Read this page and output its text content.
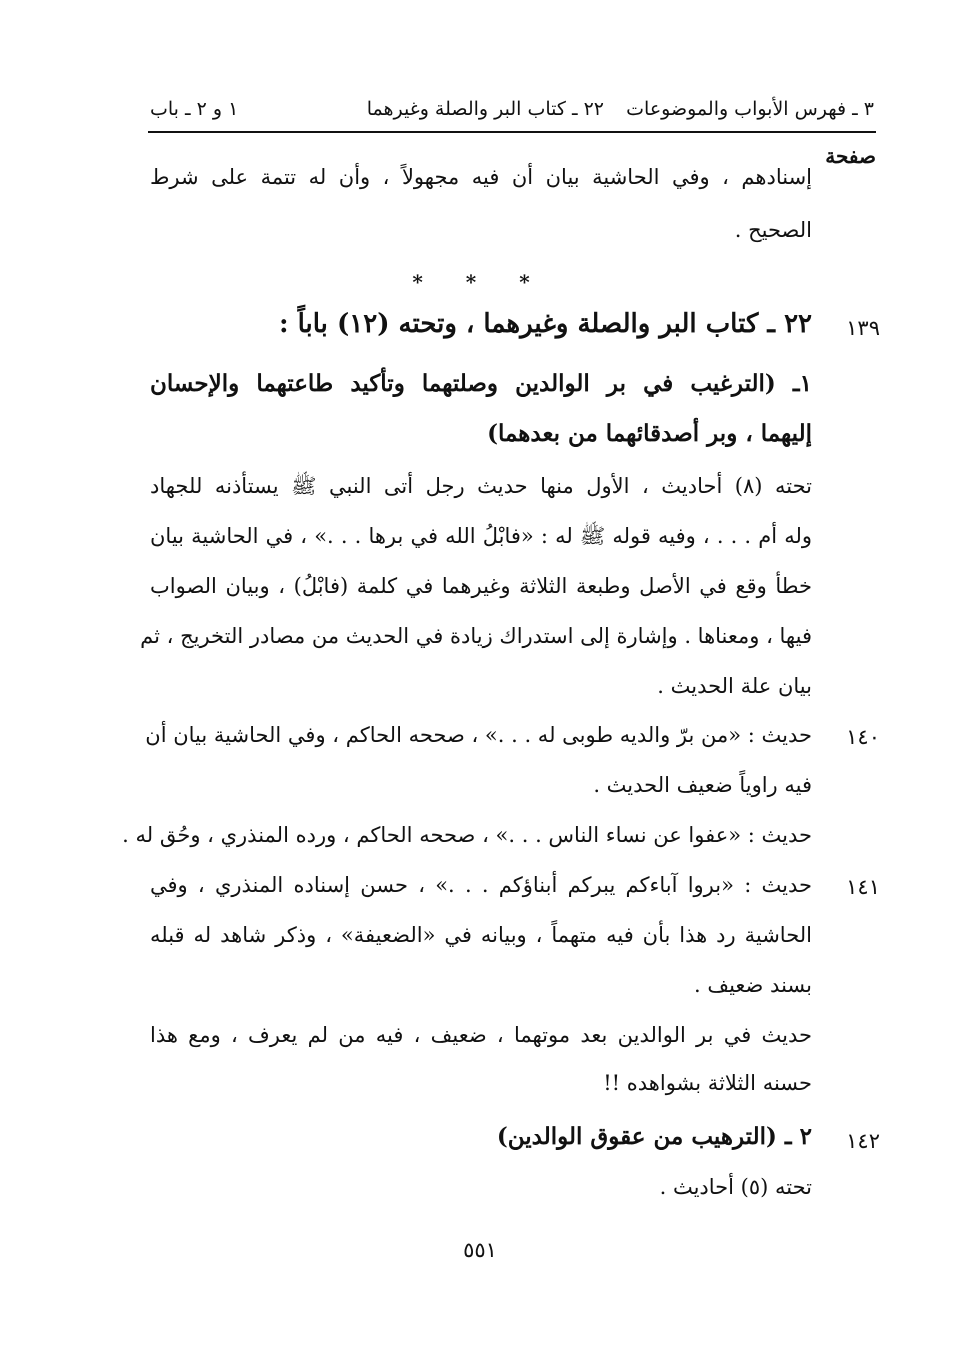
٣ ـ فهرس الأبواب والموضوعات
٢٢ ـ كتاب البر والصلة وغيرهما
١ و ٢ ـ باب
صفحة
إسنادهم ، وفي الحاشية بيان أن فيه مجهولاً ، وأن له تتمة على شرط
الصحيح .
* * *
١٣٩
٢٢ ـ كتاب البر والصلة وغيرهما ، وتحته (١٢) باباً :
١ـ (الترغيب في بر الوالدين وصلتهما وتأكيد طاعتهما والإحسان
إليهما ، وبر أصدقائهما من بعدهما)
تحته (٨) أحاديث ، الأول منها حديث رجل أتى النبي ﷺ يستأذنه للجهاد
وله أم . . . ، وفيه قوله ﷺ له : «فابْلُ الله في برها . . .» ، في الحاشية بيان
خطأ وقع في الأصل وطبعة الثلاثة وغيرهما في كلمة (فابْلُ) ، وبيان الصواب
فيها ، ومعناها . وإشارة إلى استدراك زيادة في الحديث من مصادر التخريج ، ثم
بيان علة الحديث .
١٤٠
حديث : «من برّ والديه طوبى له . . .» ، صححه الحاكم ، وفي الحاشية بيان أن
فيه راوياً ضعيف الحديث .
حديث : «عفوا عن نساء الناس . . .» ، صححه الحاكم ، ورده المنذري ، وحُق له .
١٤١
حديث : «بروا آباءكم يبركم أبناؤكم . . .» ، حسن إسناده المنذري ، وفي
الحاشية رد هذا بأن فيه متهماً ، وبيانه في «الضعيفة» ، وذكر شاهد له قبله
بسند ضعيف .
حديث في بر الوالدين بعد موتهما ، ضعيف ، فيه من لم يعرف ، ومع هذا
حسنه الثلاثة بشواهده !!
١٤٢
٢ ـ (الترهيب من عقوق الوالدين)
تحته (٥) أحاديث .
٥٥١
